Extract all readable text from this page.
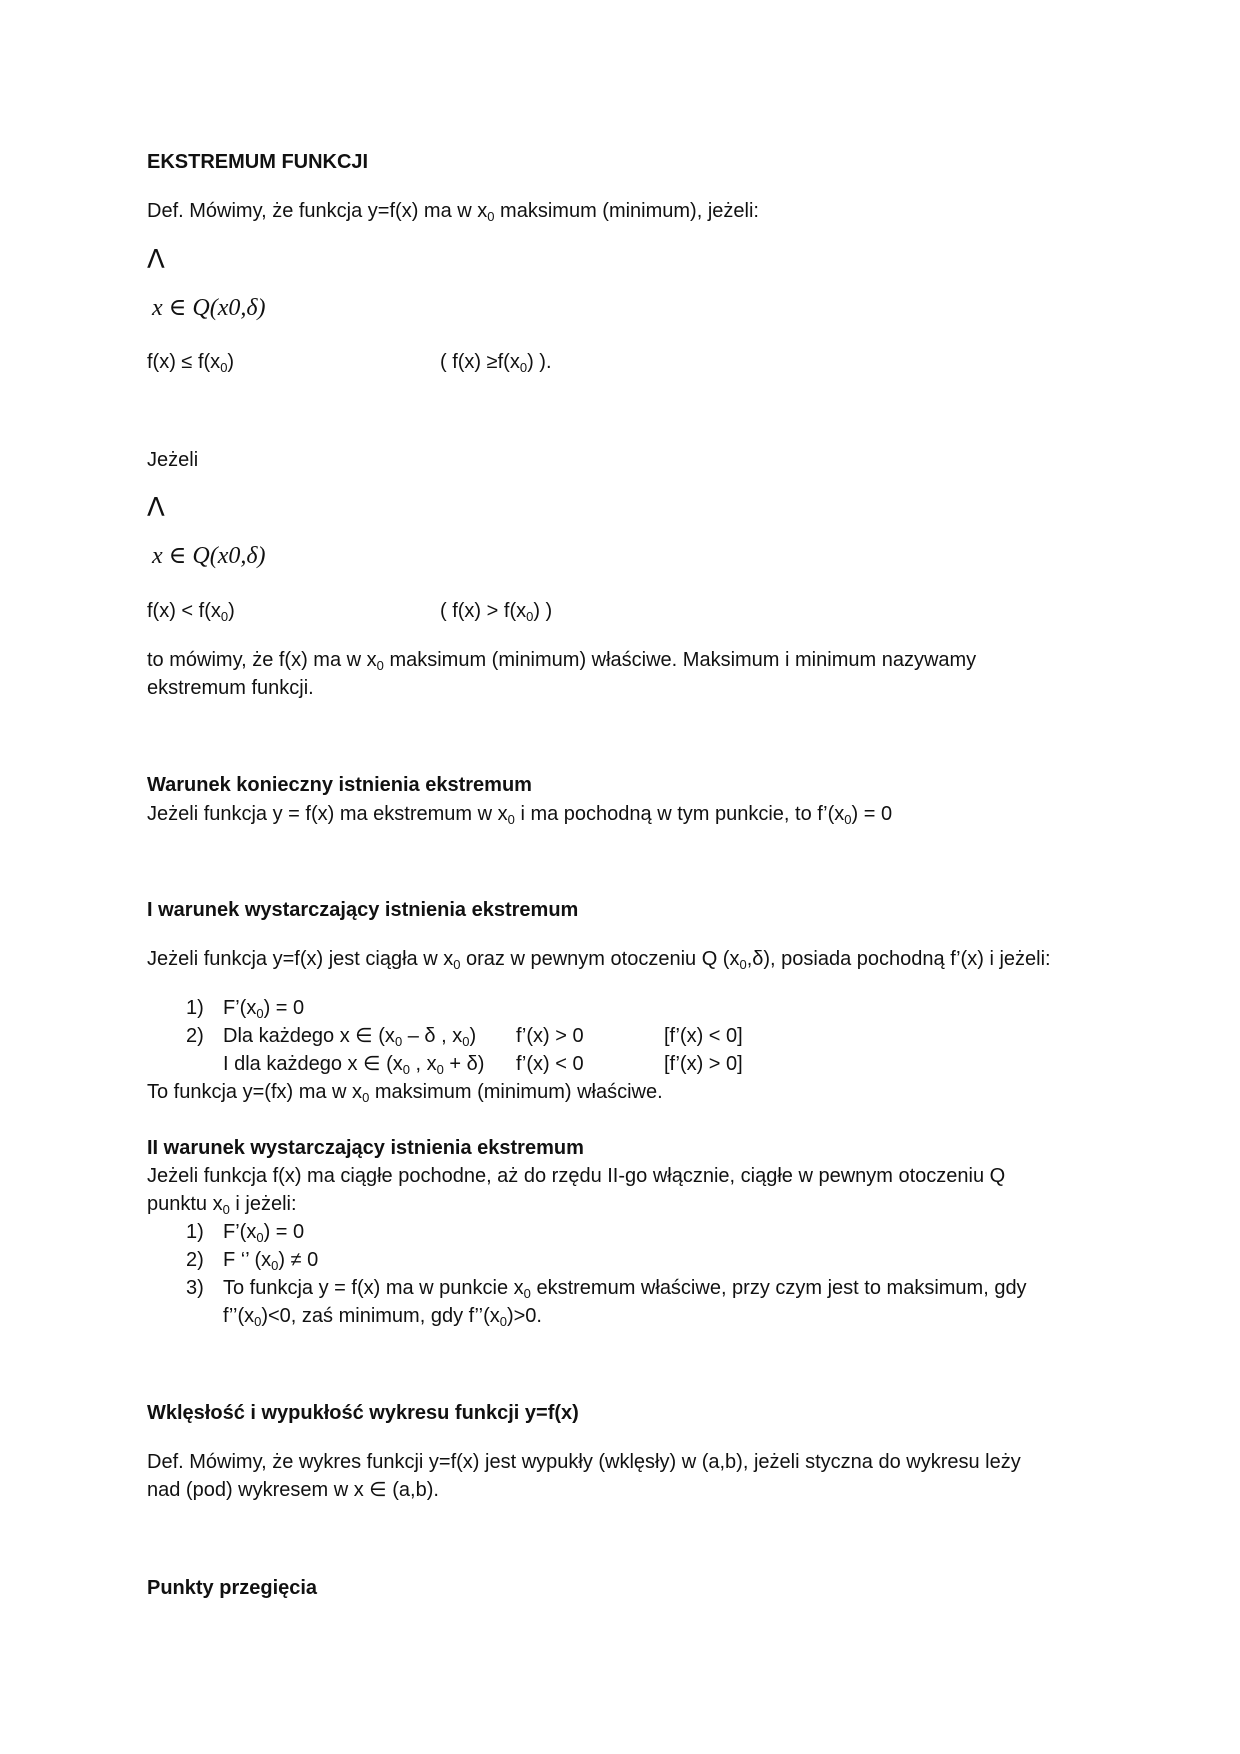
EKSTREMUM FUNKCJI
Def. Mówimy, że funkcja y=f(x) ma w $x_0$ maksimum (minimum), jeżeli:
Λ
x ∈ Q(x0,δ)
$f(x) \le f(x_0)$	( $f(x) \ge f(x_0)$ ).
Jeżeli
Λ
x ∈ Q(x0,δ)
$f(x) < f(x_0)$	( $f(x) > f(x_0)$ )
to mówimy, że f(x) ma w $x_0$ maksimum (minimum) właściwe. Maksimum i minimum nazywamy
ekstremum funkcji.
Warunek konieczny istnienia ekstremum
Jeżeli funkcja y = f(x) ma ekstremum w $x_0$ i ma pochodną w tym punkcie, to $f’(x_0) = 0$
I warunek wystarczający istnienia ekstremum
Jeżeli funkcja y=f(x) jest ciągła w $x_0$ oraz w pewnym otoczeniu Q $(x_0,\delta)$, posiada pochodną f’(x) i jeżeli:
1) $F’(x_0) = 0$
2) Dla każdego x ∈ ($x_0$ – δ , $x_0$) f’(x) > 0	[f’(x) < 0]
I dla każdego x ∈ ($x_0$ , $x_0 + \delta$) f’(x) < 0	[f’(x) > 0]
To funkcja y=(fx) ma w $x_0$ maksimum (minimum) właściwe.
II warunek wystarczający istnienia ekstremum
Jeżeli funkcja f(x) ma ciągłe pochodne, aż do rzędu II-go włącznie, ciągłe w pewnym otoczeniu Q
punktu $x_0$ i jeżeli:
1) $F’(x_0) = 0$
2) F ‘’ $(x_0) \ne 0$
3) To funkcja y = f(x) ma w punkcie $x_0$ ekstremum właściwe, przy czym jest to maksimum, gdy
$f’’(x_0)<0$, zaś minimum, gdy $f’’(x_0)>0$.
Wklęsłość i wypukłość wykresu funkcji y=f(x)
Def. Mówimy, że wykres funkcji y=f(x) jest wypukły (wklęsły) w (a,b), jeżeli styczna do wykresu leży
nad (pod) wykresem w x ∈ (a,b).
Punkty przegięcia
